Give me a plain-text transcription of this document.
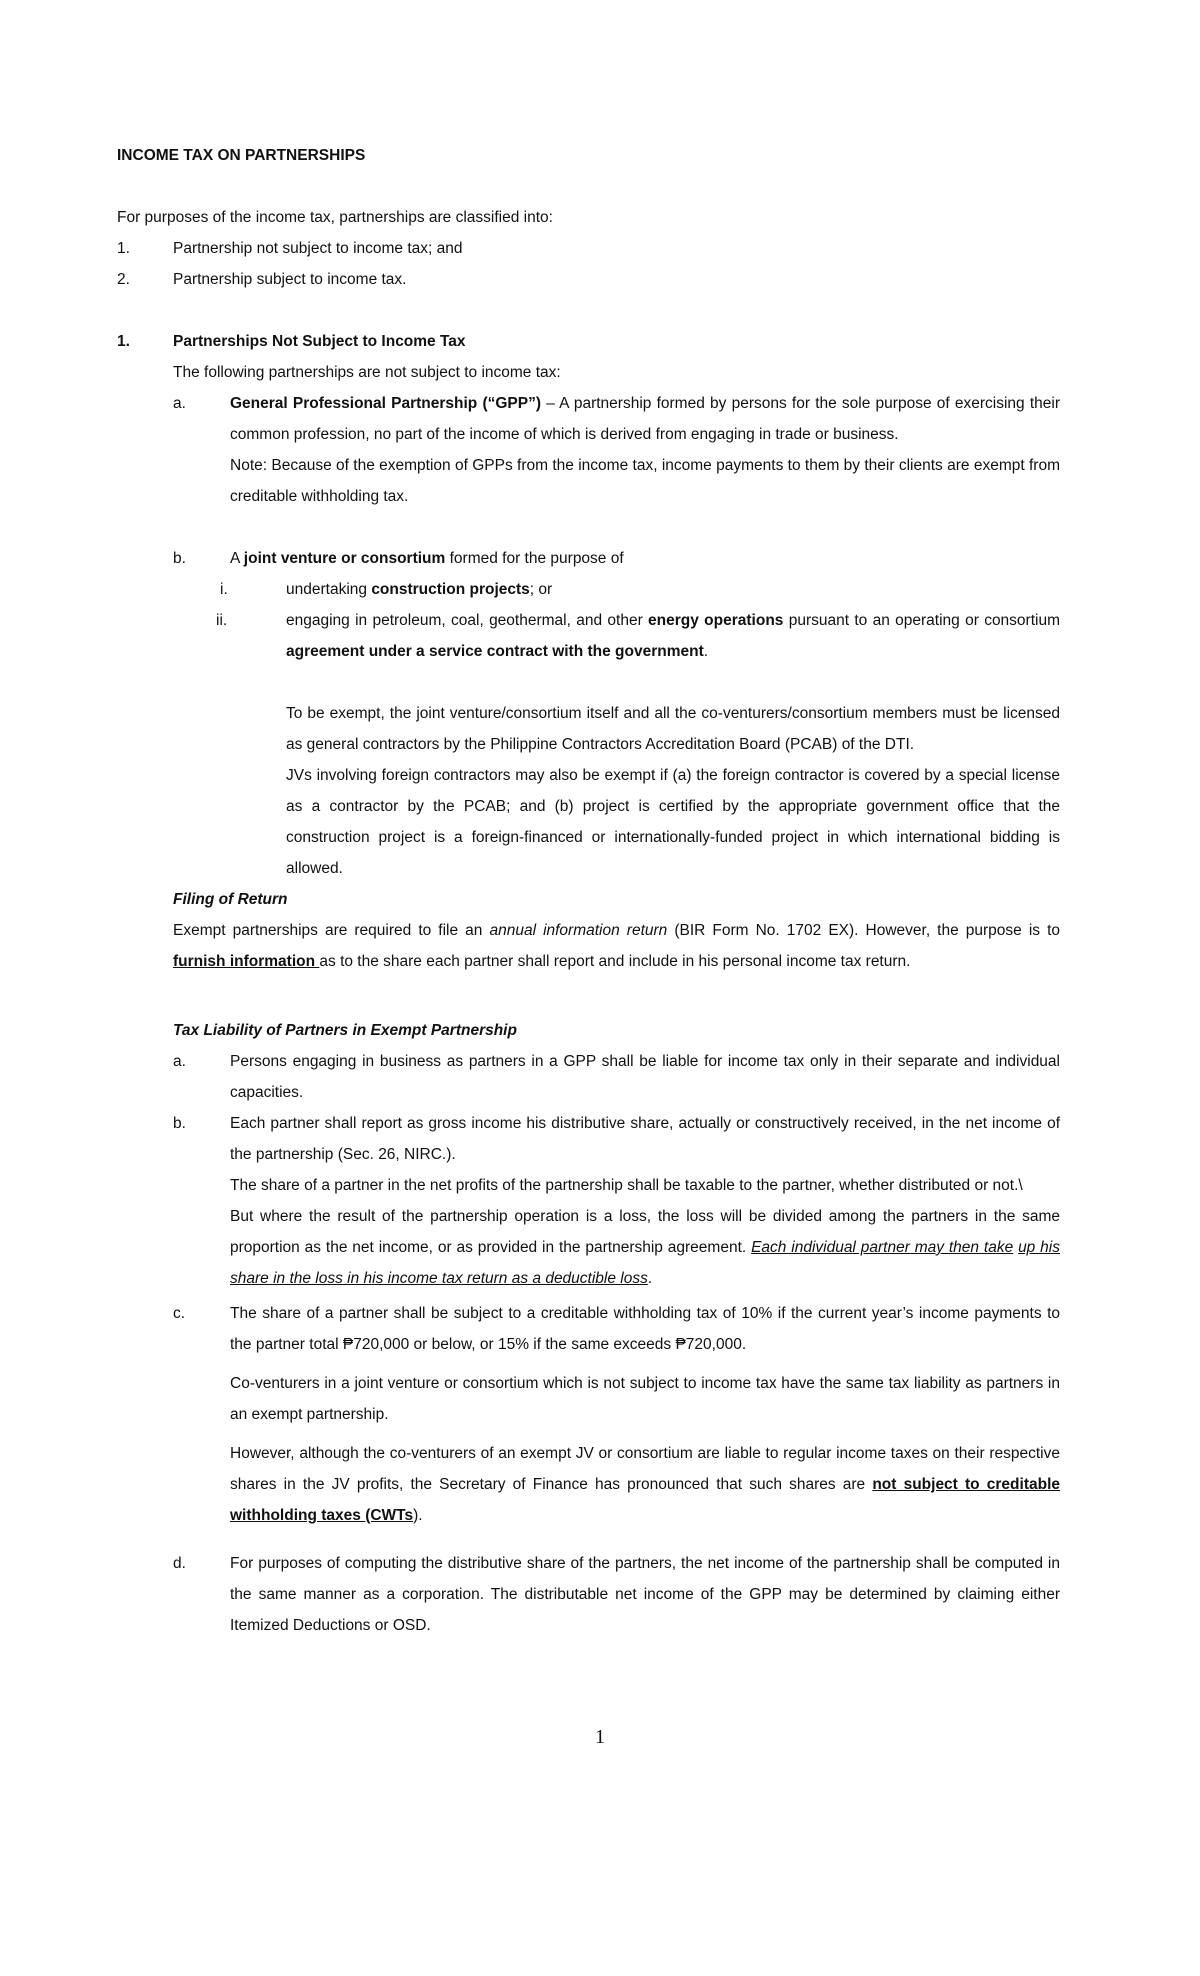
INCOME TAX ON PARTNERSHIPS
For purposes of the income tax, partnerships are classified into:
1.	Partnership not subject to income tax; and
2.	Partnership subject to income tax.
1.	Partnerships Not Subject to Income Tax
The following partnerships are not subject to income tax:
a.	General Professional Partnership (“GPP”) – A partnership formed by persons for the sole purpose of exercising their common profession, no part of the income of which is derived from engaging in trade or business.
Note: Because of the exemption of GPPs from the income tax, income payments to them by their clients are exempt from creditable withholding tax.
b.	A joint venture or consortium formed for the purpose of
i.	undertaking construction projects; or
ii.	engaging in petroleum, coal, geothermal, and other energy operations pursuant to an operating or consortium agreement under a service contract with the government.
To be exempt, the joint venture/consortium itself and all the co-venturers/consortium members must be licensed as general contractors by the Philippine Contractors Accreditation Board (PCAB) of the DTI.
JVs involving foreign contractors may also be exempt if (a) the foreign contractor is covered by a special license as a contractor by the PCAB; and (b) project is certified by the appropriate government office that the construction project is a foreign-financed or internationally-funded project in which international bidding is allowed.
Filing of Return
Exempt partnerships are required to file an annual information return (BIR Form No. 1702 EX). However, the purpose is to furnish information as to the share each partner shall report and include in his personal income tax return.
Tax Liability of Partners in Exempt Partnership
a.	Persons engaging in business as partners in a GPP shall be liable for income tax only in their separate and individual capacities.
b.	Each partner shall report as gross income his distributive share, actually or constructively received, in the net income of the partnership (Sec. 26, NIRC.).
The share of a partner in the net profits of the partnership shall be taxable to the partner, whether distributed or not.\
But where the result of the partnership operation is a loss, the loss will be divided among the partners in the same proportion as the net income, or as provided in the partnership agreement. Each individual partner may then take up his share in the loss in his income tax return as a deductible loss.
c.	The share of a partner shall be subject to a creditable withholding tax of 10% if the current year’s income payments to the partner total ₱720,000 or below, or 15% if the same exceeds ₱720,000.
Co-venturers in a joint venture or consortium which is not subject to income tax have the same tax liability as partners in an exempt partnership.
However, although the co-venturers of an exempt JV or consortium are liable to regular income taxes on their respective shares in the JV profits, the Secretary of Finance has pronounced that such shares are not subject to creditable withholding taxes (CWTs).
d.	For purposes of computing the distributive share of the partners, the net income of the partnership shall be computed in the same manner as a corporation. The distributable net income of the GPP may be determined by claiming either Itemized Deductions or OSD.
1
